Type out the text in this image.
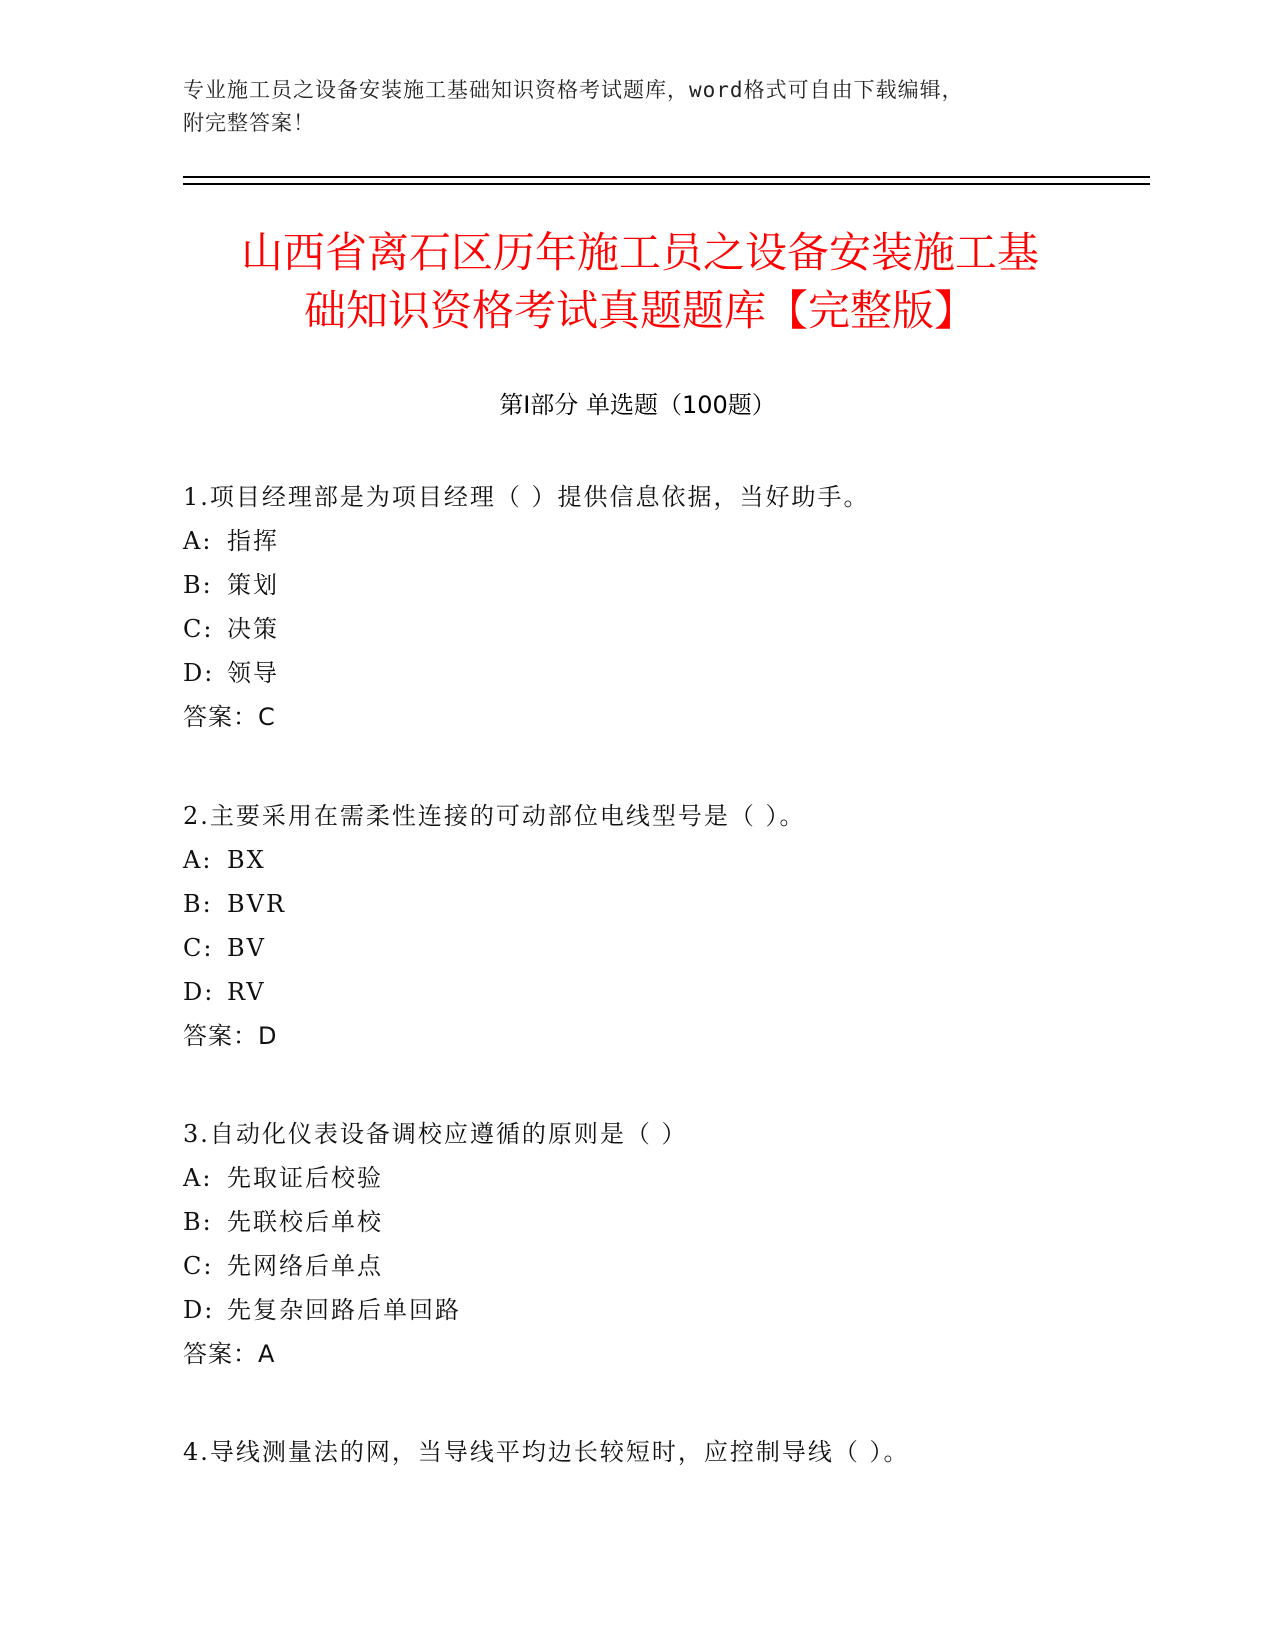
专业施工员之设备安装施工基础知识资格考试题库，word格式可自由下载编辑，
附完整答案！
山西省离石区历年施工员之设备安装施工基
础知识资格考试真题题库【完整版】
第Ⅰ部分 单选题（100题）
1.项目经理部是为项目经理（ ）提供信息依据，当好助手。
A: 指挥
B: 策划
C: 决策
D: 领导
答案： C
2.主要采用在需柔性连接的可动部位电线型号是（ ）。
A: BX
B: BVR
C: BV
D: RV
答案： D
3.自动化仪表设备调校应遵循的原则是（ ）
A: 先取证后校验
B: 先联校后单校
C: 先网络后单点
D: 先复杂回路后单回路
答案： A
4.导线测量法的网，当导线平均边长较短时，应控制导线（ ）。
